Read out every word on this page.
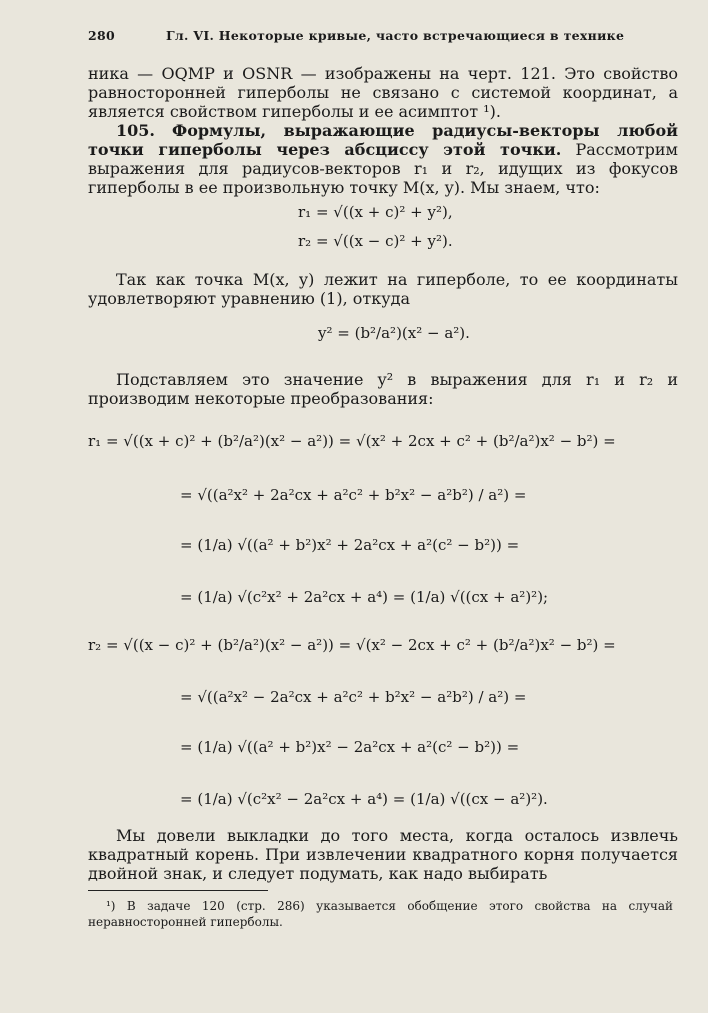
280	Гл. VI. Некоторые кривые, часто встречающиеся в технике

ника — OQMP и OSNR — изображены на черт. 121. Это свойство равносторонней гиперболы не связано с системой координат, а является свойством гиперболы и ее асимптот ¹).

105. Формулы, выражающие радиусы-векторы любой точки гиперболы через абсциссу этой точки. Рассмотрим выражения для радиусов-векторов r₁ и r₂, идущих из фокусов гиперболы в ее произвольную точку M(x, y). Мы знаем, что:

r₁ = √((x + c)² + y²),
r₂ = √((x − c)² + y²).

Так как точка M(x, y) лежит на гиперболе, то ее координаты удовлетворяют уравнению (1), откуда

y² = (b²/a²)(x² − a²).

Подставляем это значение y² в выражения для r₁ и r₂ и производим некоторые преобразования:

r₁ = √((x + c)² + (b²/a²)(x² − a²)) = √(x² + 2cx + c² + (b²/a²)x² − b²) =
= √((a²x² + 2a²cx + a²c² + b²x² − a²b²) / a²) =
= (1/a) √((a² + b²)x² + 2a²cx + a²(c² − b²)) =
= (1/a) √(c²x² + 2a²cx + a⁴) = (1/a) √((cx + a²)²);
r₂ = √((x − c)² + (b²/a²)(x² − a²)) = √(x² − 2cx + c² + (b²/a²)x² − b²) =
= √((a²x² − 2a²cx + a²c² + b²x² − a²b²) / a²) =
= (1/a) √((a² + b²)x² − 2a²cx + a²(c² − b²)) =
= (1/a) √(c²x² − 2a²cx + a⁴) = (1/a) √((cx − a²)²).

Мы довели выкладки до того места, когда осталось извлечь квадратный корень. При извлечении квадратного корня получается двойной знак, и следует подумать, как надо выбирать

¹) В задаче 120 (стр. 286) указывается обобщение этого свойства на случай неравносторонней гиперболы.
